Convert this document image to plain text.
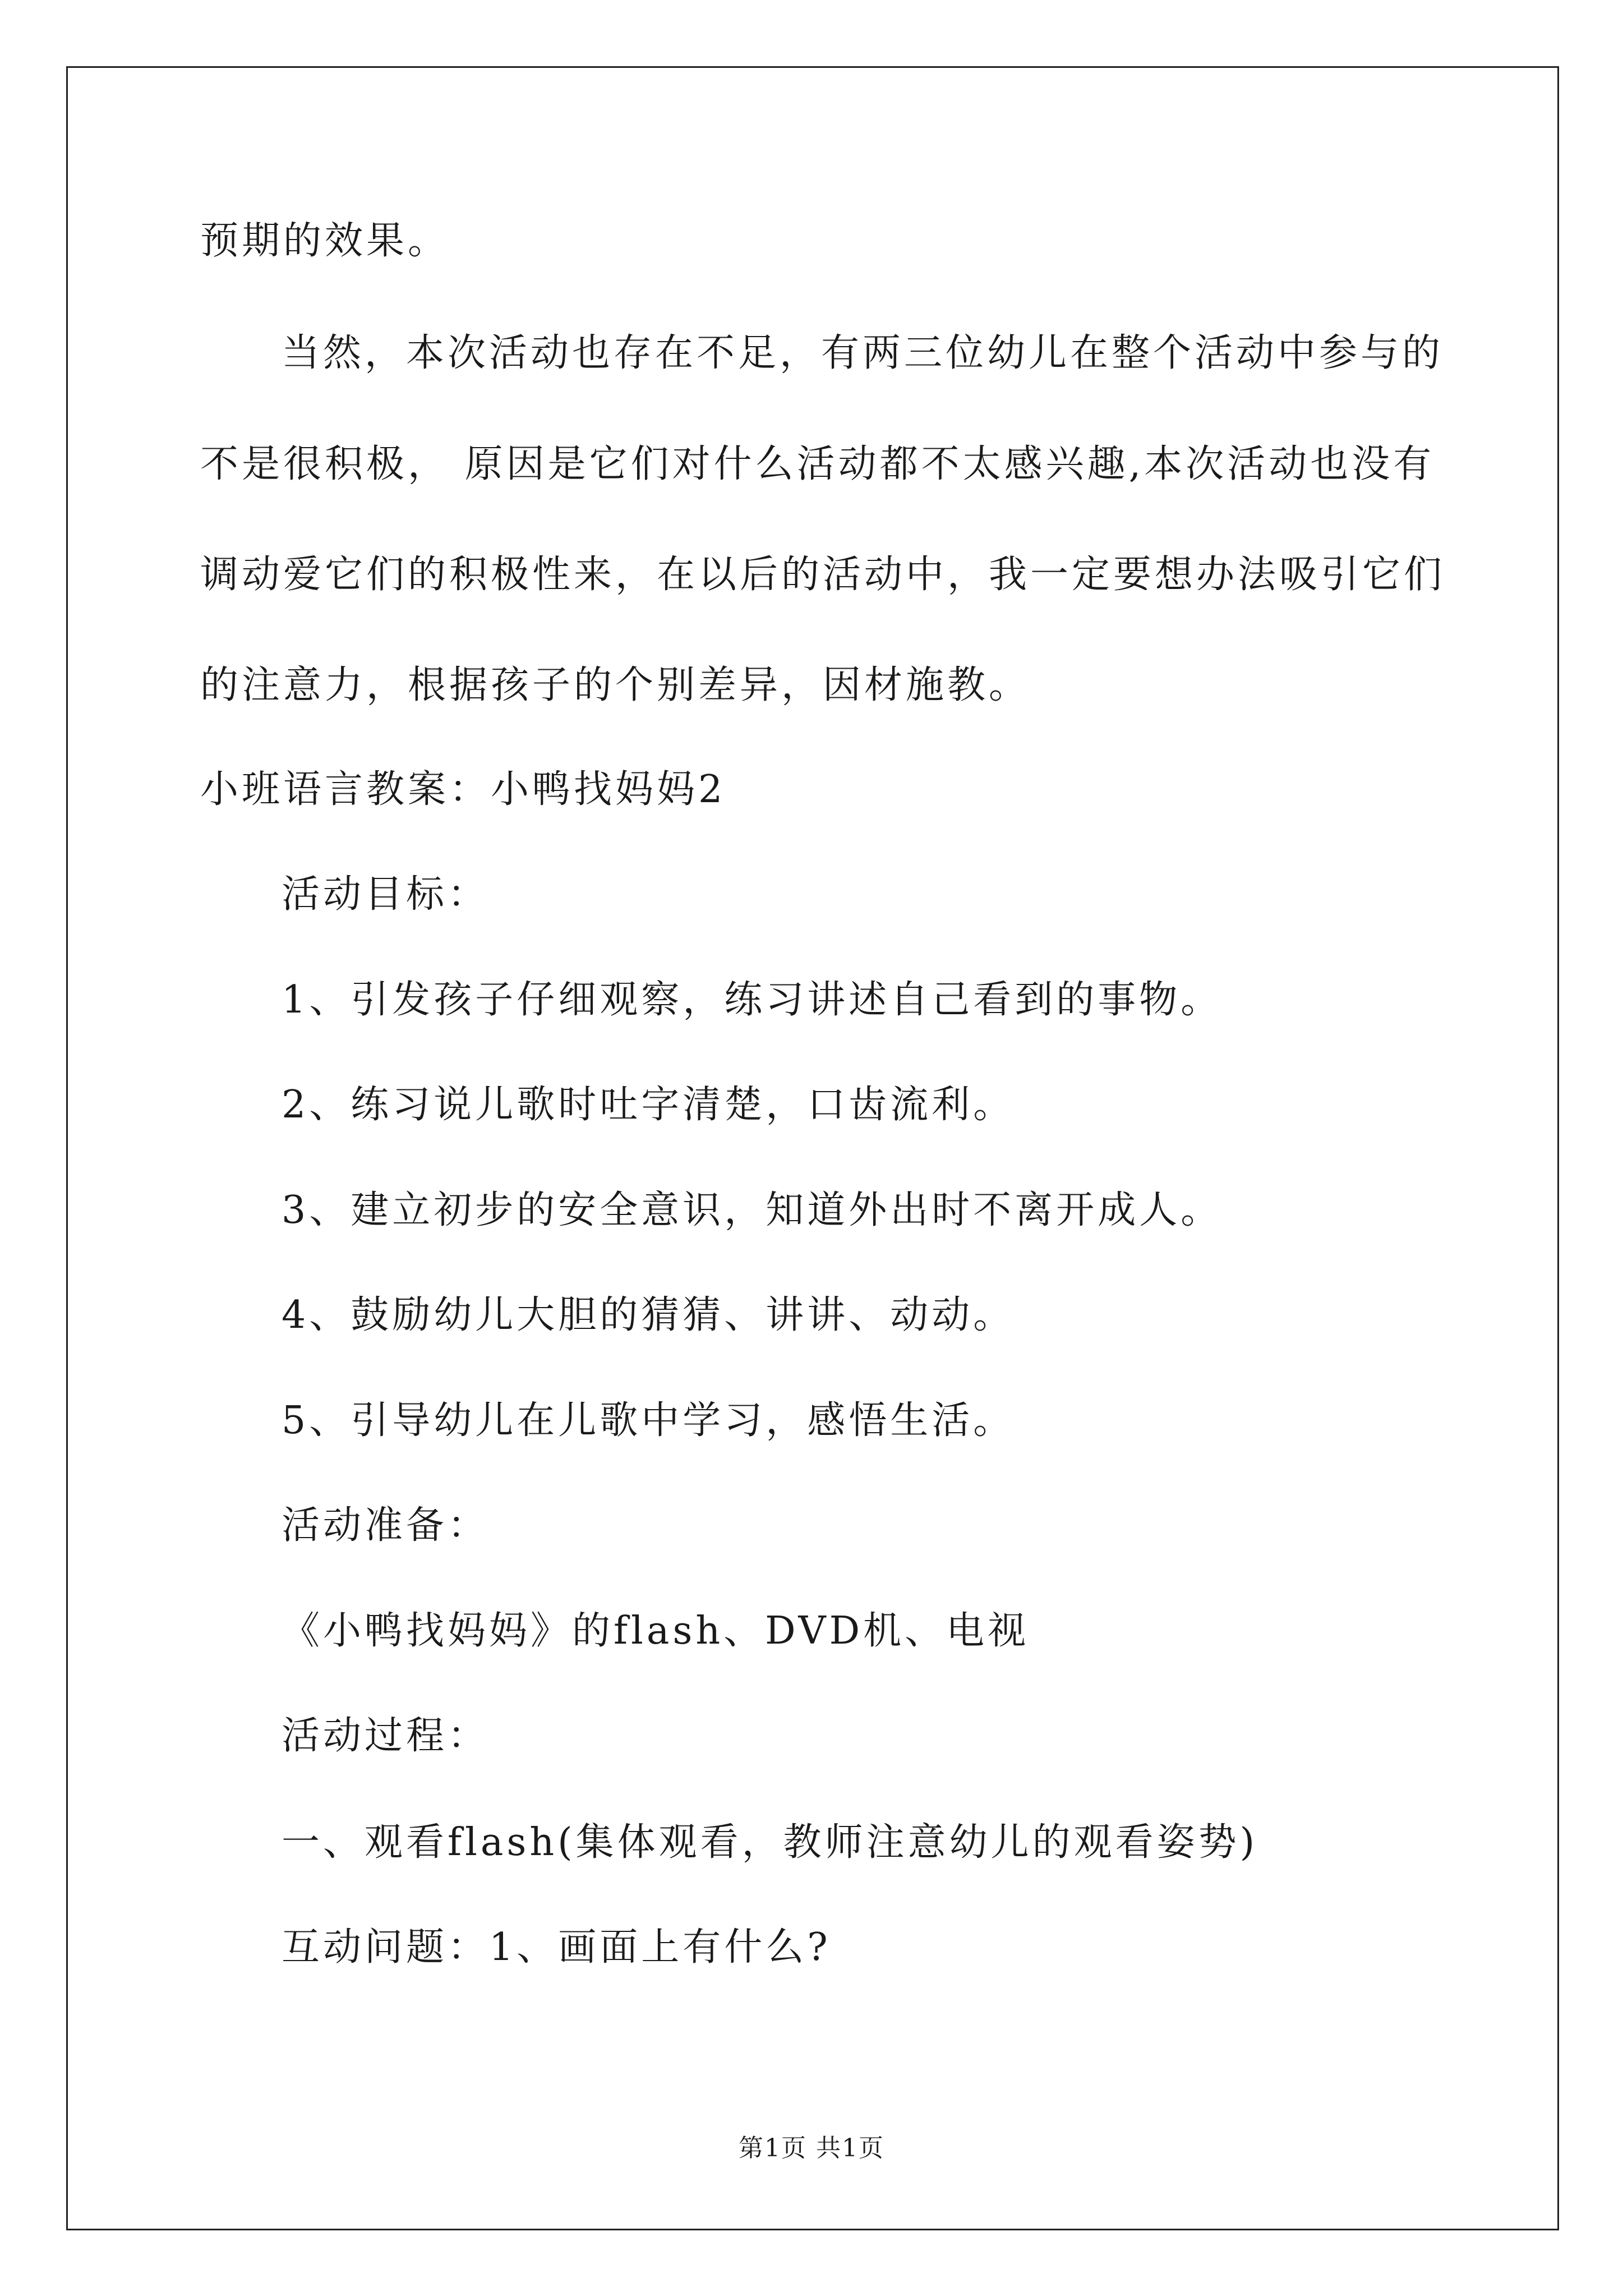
预期的效果。
当然，本次活动也存在不足，有两三位幼儿在整个活动中参与的
不是很积极， 原因是它们对什么活动都不太感兴趣,本次活动也没有
调动爱它们的积极性来，在以后的活动中，我一定要想办法吸引它们
的注意力，根据孩子的个别差异，因材施教。
小班语言教案：小鸭找妈妈2
活动目标：
1、引发孩子仔细观察，练习讲述自己看到的事物。
2、练习说儿歌时吐字清楚，口齿流利。
3、建立初步的安全意识，知道外出时不离开成人。
4、鼓励幼儿大胆的猜猜、讲讲、动动。
5、引导幼儿在儿歌中学习，感悟生活。
活动准备：
《小鸭找妈妈》的flash、DVD机、电视
活动过程：
一、观看flash(集体观看，教师注意幼儿的观看姿势)
互动问题：1、画面上有什么?
第1页 共1页
